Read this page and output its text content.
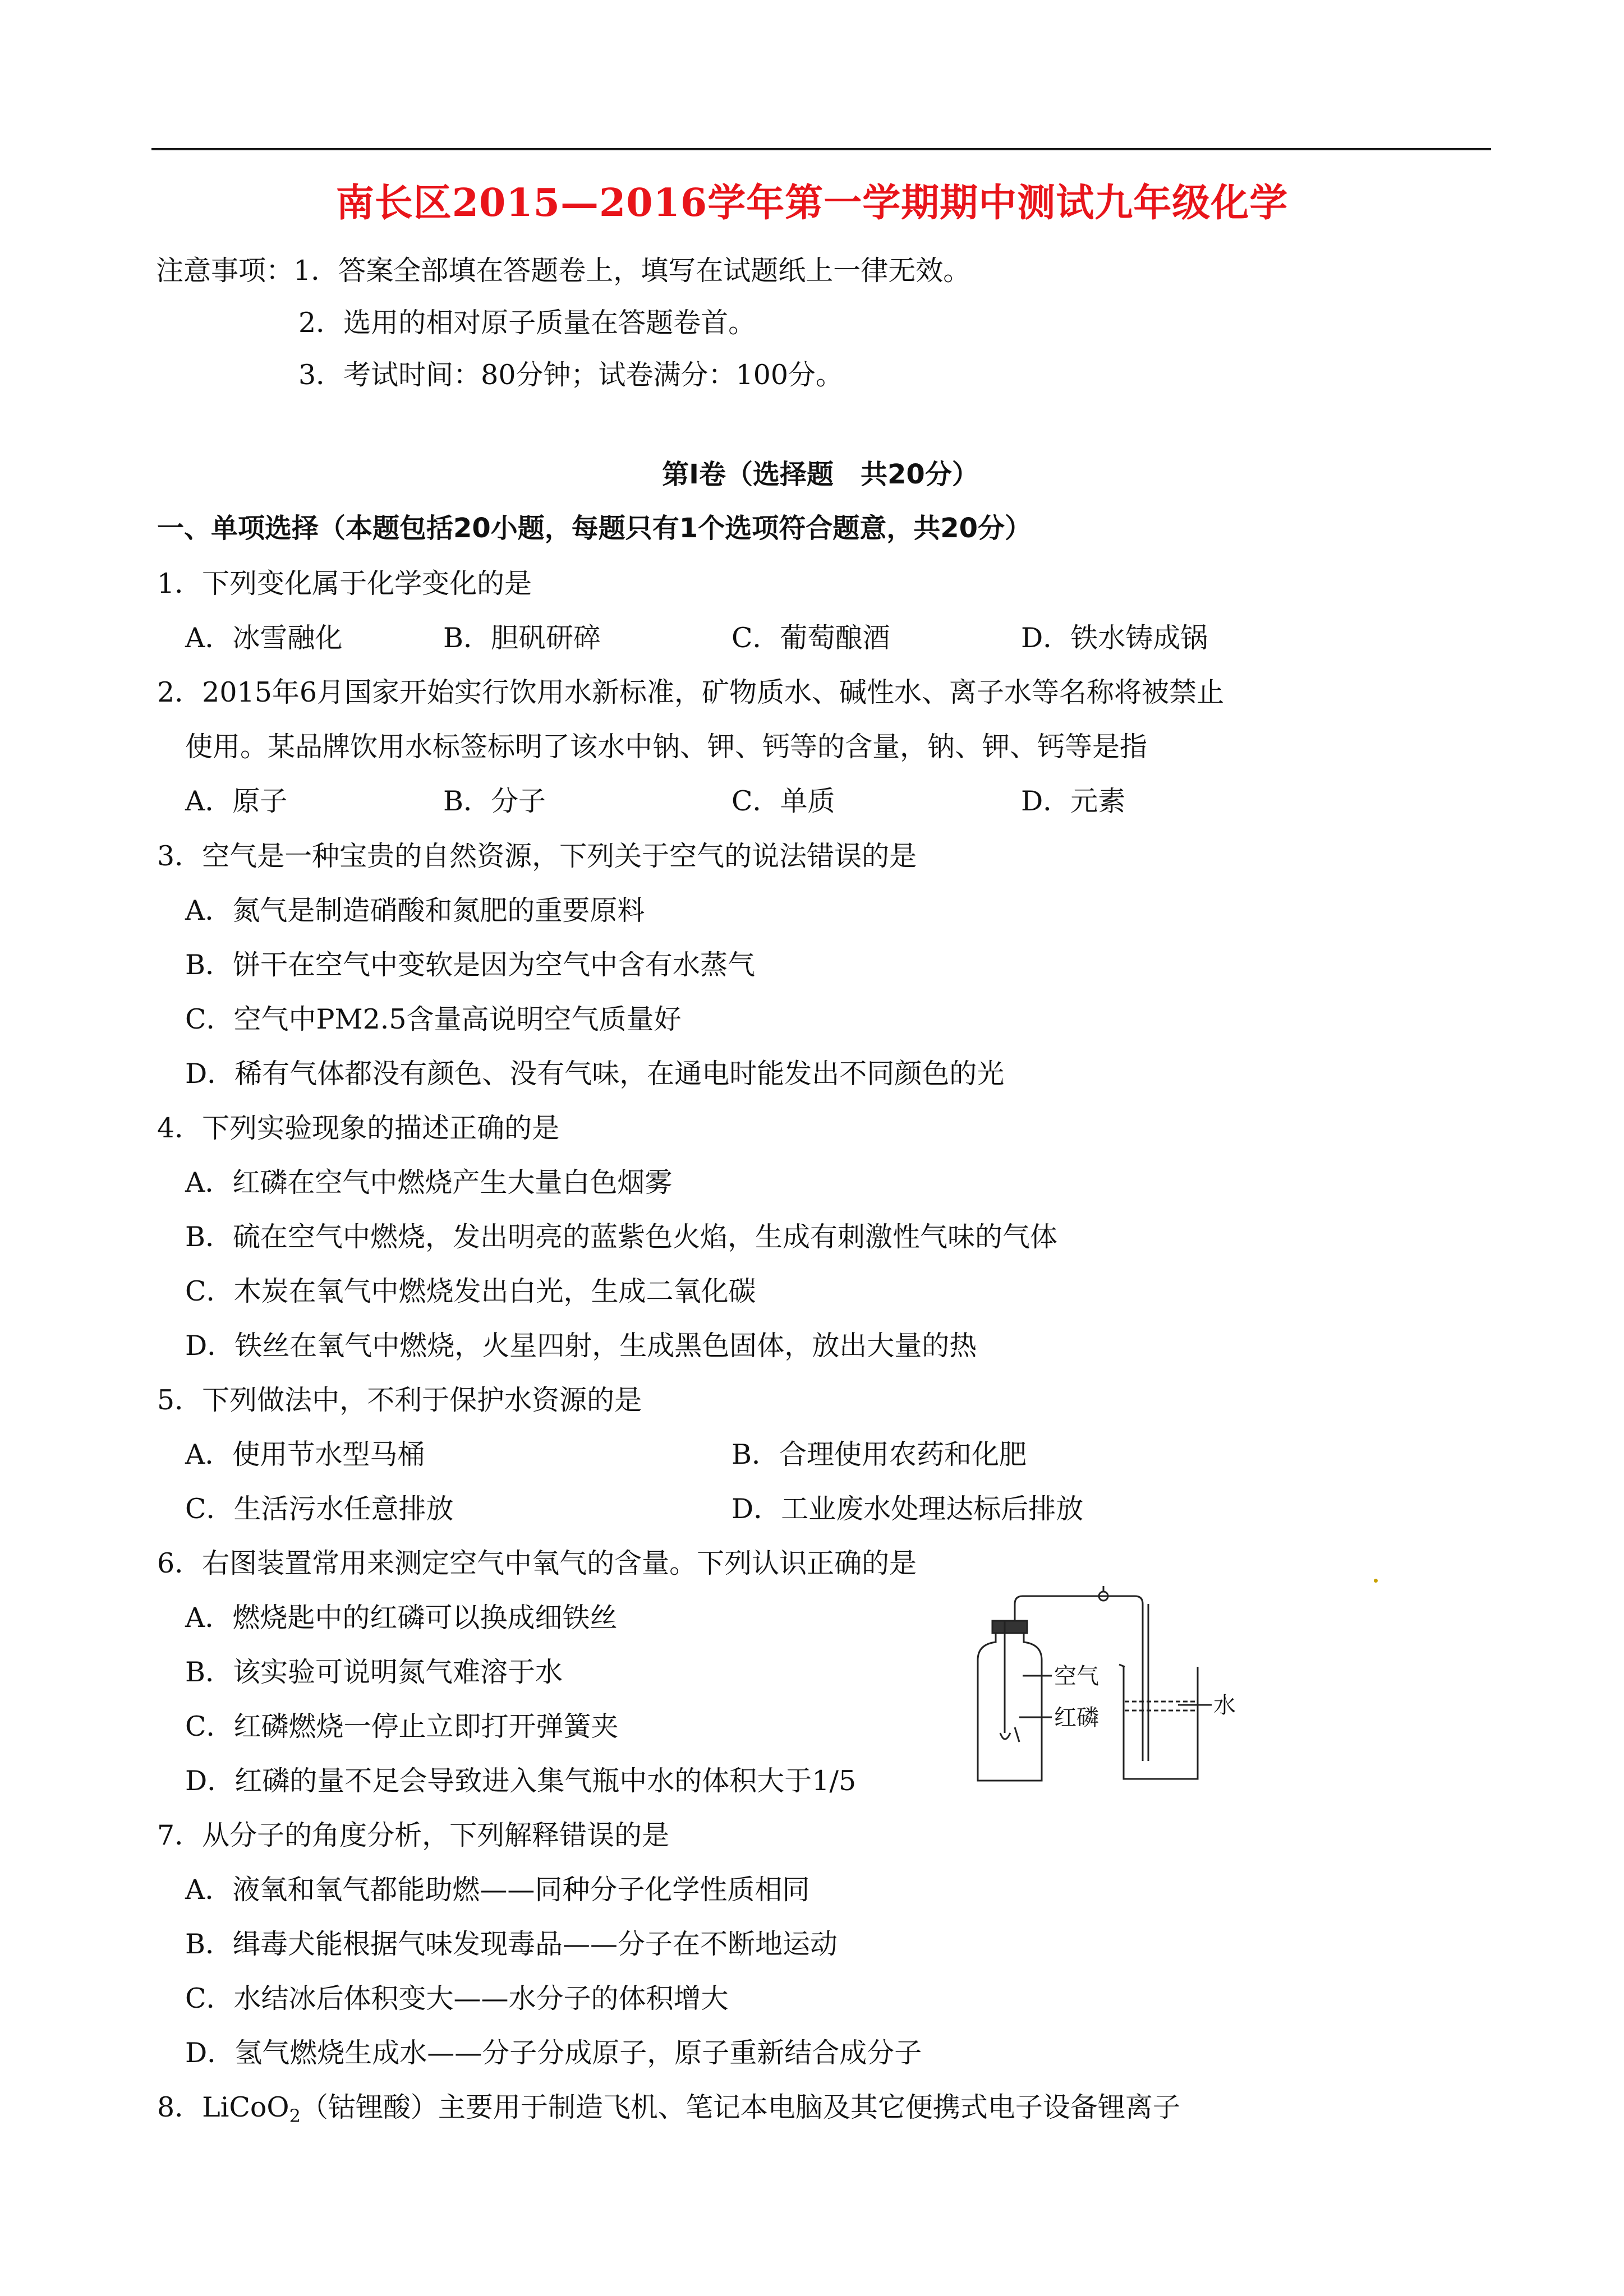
南长区2015—2016学年第一学期期中测试九年级化学
注意事项：1．答案全部填在答题卷上，填写在试题纸上一律无效。
2．选用的相对原子质量在答题卷首。
3．考试时间：80分钟；试卷满分：100分。
第Ⅰ卷（选择题　共20分）
一、单项选择（本题包括20小题，每题只有1个选项符合题意，共20分）
1．下列变化属于化学变化的是
A．冰雪融化	B．胆矾研碎	C．葡萄酿酒	D．铁水铸成锅
2．2015年6月国家开始实行饮用水新标准，矿物质水、碱性水、离子水等名称将被禁止
使用。某品牌饮用水标签标明了该水中钠、钾、钙等的含量，钠、钾、钙等是指
A．原子	B．分子	C．单质	D．元素
3．空气是一种宝贵的自然资源，下列关于空气的说法错误的是
A．氮气是制造硝酸和氮肥的重要原料
B．饼干在空气中变软是因为空气中含有水蒸气
C．空气中PM2.5含量高说明空气质量好
D．稀有气体都没有颜色、没有气味，在通电时能发出不同颜色的光
4．下列实验现象的描述正确的是
A．红磷在空气中燃烧产生大量白色烟雾
B．硫在空气中燃烧，发出明亮的蓝紫色火焰，生成有刺激性气味的气体
C．木炭在氧气中燃烧发出白光，生成二氧化碳
D．铁丝在氧气中燃烧，火星四射，生成黑色固体，放出大量的热
5．下列做法中，不利于保护水资源的是
A．使用节水型马桶	B．合理使用农药和化肥
C．生活污水任意排放	D．工业废水处理达标后排放
6．右图装置常用来测定空气中氧气的含量。下列认识正确的是
A．燃烧匙中的红磷可以换成细铁丝
B．该实验可说明氮气难溶于水
C．红磷燃烧一停止立即打开弹簧夹
D．红磷的量不足会导致进入集气瓶中水的体积大于1/5
空气
红磷	水
7．从分子的角度分析，下列解释错误的是
A．液氧和氧气都能助燃——同种分子化学性质相同
B．缉毒犬能根据气味发现毒品——分子在不断地运动
C．水结冰后体积变大——水分子的体积增大
D．氢气燃烧生成水——分子分成原子，原子重新结合成分子
8．LiCoO$_2$（钴锂酸）主要用于制造飞机、笔记本电脑及其它便携式电子设备锂离子
